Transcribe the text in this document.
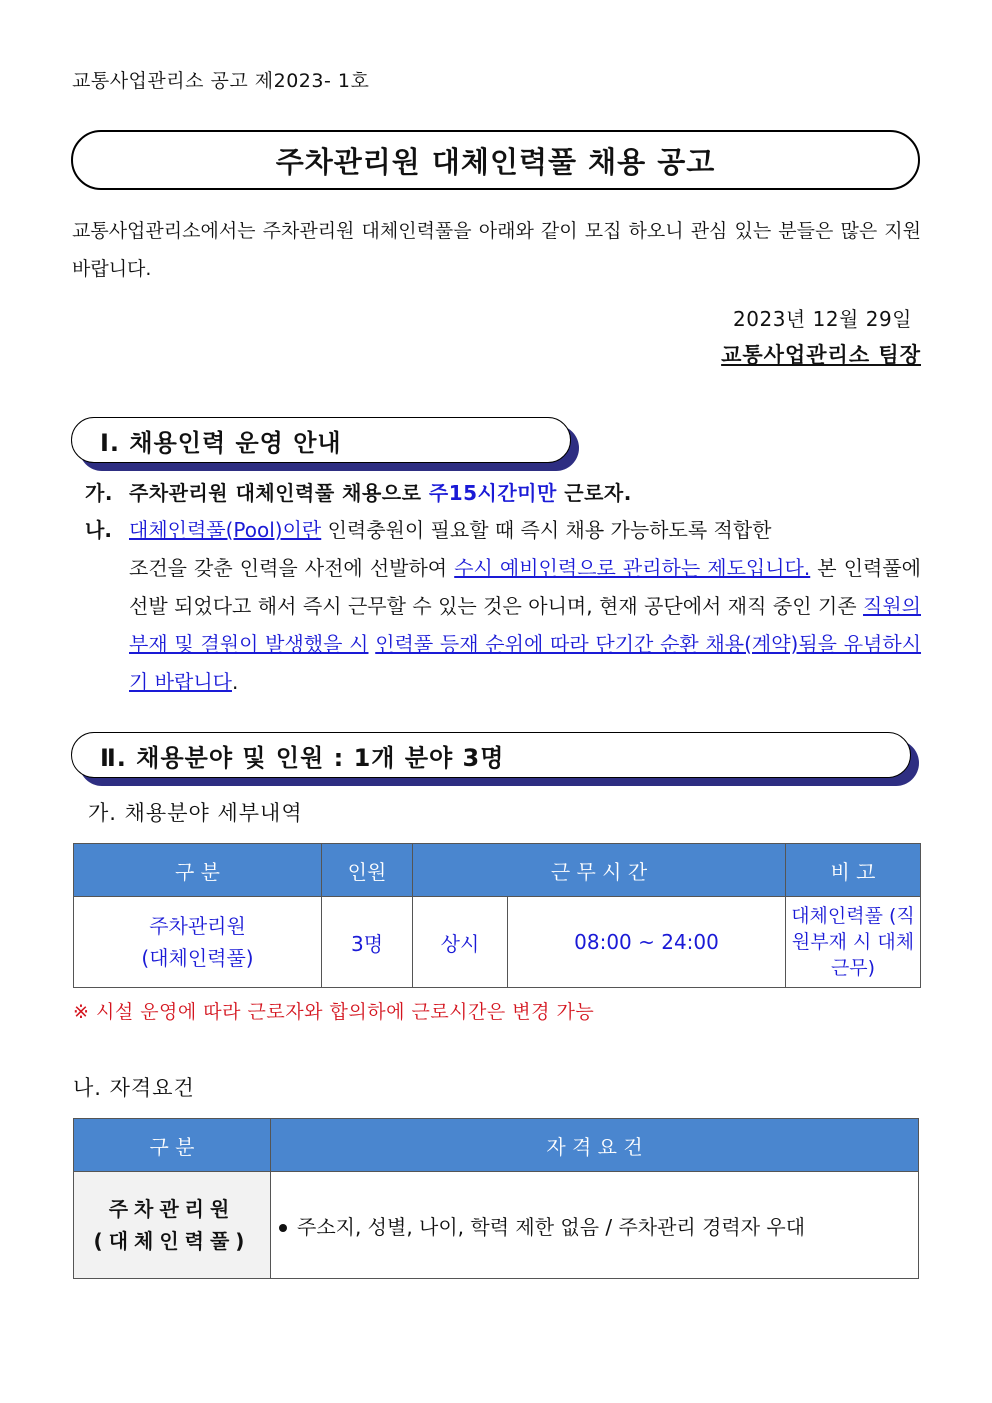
교통사업관리소 공고 제2023- 1호
주차관리원 대체인력풀 채용 공고
교통사업관리소에서는 주차관리원 대체인력풀을 아래와 같이 모집 하오니 관심 있는 분들은 많은 지원 바랍니다.
2023년 12월 29일
교통사업관리소 팀장
Ⅰ. 채용인력 운영 안내
가. 주차관리원 대체인력풀 채용으로 주15시간미만 근로자.
나. 대체인력풀(Pool)이란 인력충원이 필요할 때 즉시 채용 가능하도록 적합한
조건을 갖춘 인력을 사전에 선발하여 수시 예비인력으로 관리하는 제도입니다. 본 인력풀에 선발 되었다고 해서 즉시 근무할 수 있는 것은 아니며, 현재 공단에서 재직 중인 기존 직원의 부재 및 결원이 발생했을 시 인력풀 등재 순위에 따라 단기간 순환 채용(계약)됨을 유념하시기 바랍니다.
Ⅱ. 채용분야 및 인원 : 1개 분야 3명
가. 채용분야 세부내역
구 분	인원	근 무 시 간		비 고

주차관리원
(대체인력풀)	3명	상시	08:00 ~ 24:00	대체인력풀 (직원부재 시 대체 근무)
※ 시설 운영에 따라 근로자와 합의하에 근로시간은 변경 가능
나. 자격요건
구 분	자 격 요 건

주차관리원
(대체인력풀)	주소지, 성별, 나이, 학력 제한 없음 / 주차관리 경력자 우대
